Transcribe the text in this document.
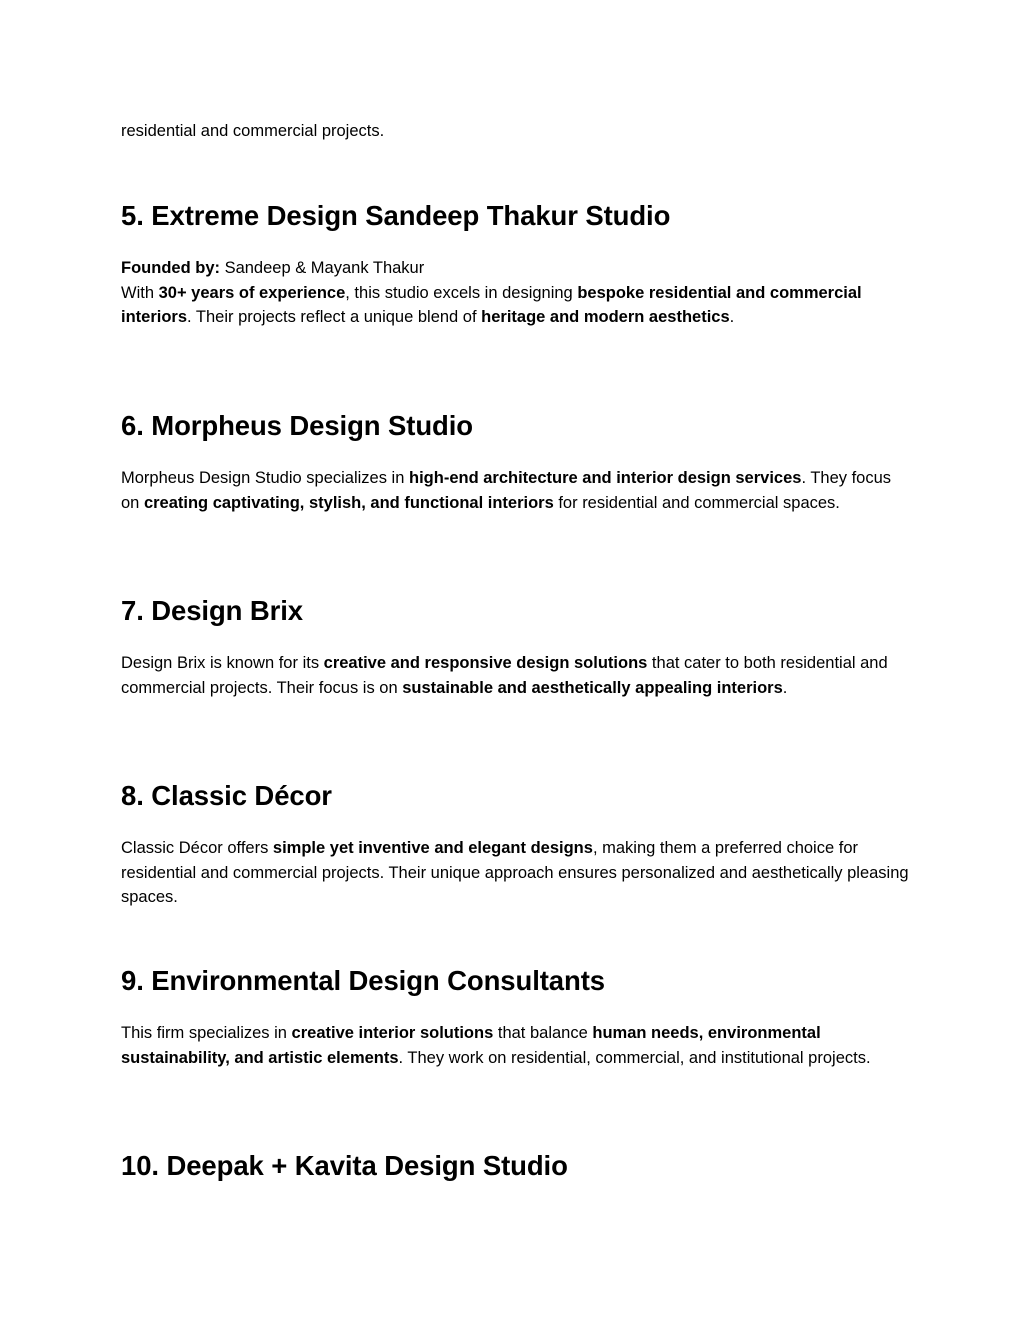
residential and commercial projects.

5. Extreme Design Sandeep Thakur Studio

Founded by: Sandeep & Mayank Thakur

With 30+ years of experience, this studio excels in designing bespoke residential and commercial interiors. Their projects reflect a unique blend of heritage and modern aesthetics.

6. Morpheus Design Studio

Morpheus Design Studio specializes in high-end architecture and interior design services. They focus on creating captivating, stylish, and functional interiors for residential and commercial spaces.

7. Design Brix

Design Brix is known for its creative and responsive design solutions that cater to both residential and commercial projects. Their focus is on sustainable and aesthetically appealing interiors.

8. Classic Décor

Classic Décor offers simple yet inventive and elegant designs, making them a preferred choice for residential and commercial projects. Their unique approach ensures personalized and aesthetically pleasing spaces.

9. Environmental Design Consultants

This firm specializes in creative interior solutions that balance human needs, environmental sustainability, and artistic elements. They work on residential, commercial, and institutional projects.

10. Deepak + Kavita Design Studio
